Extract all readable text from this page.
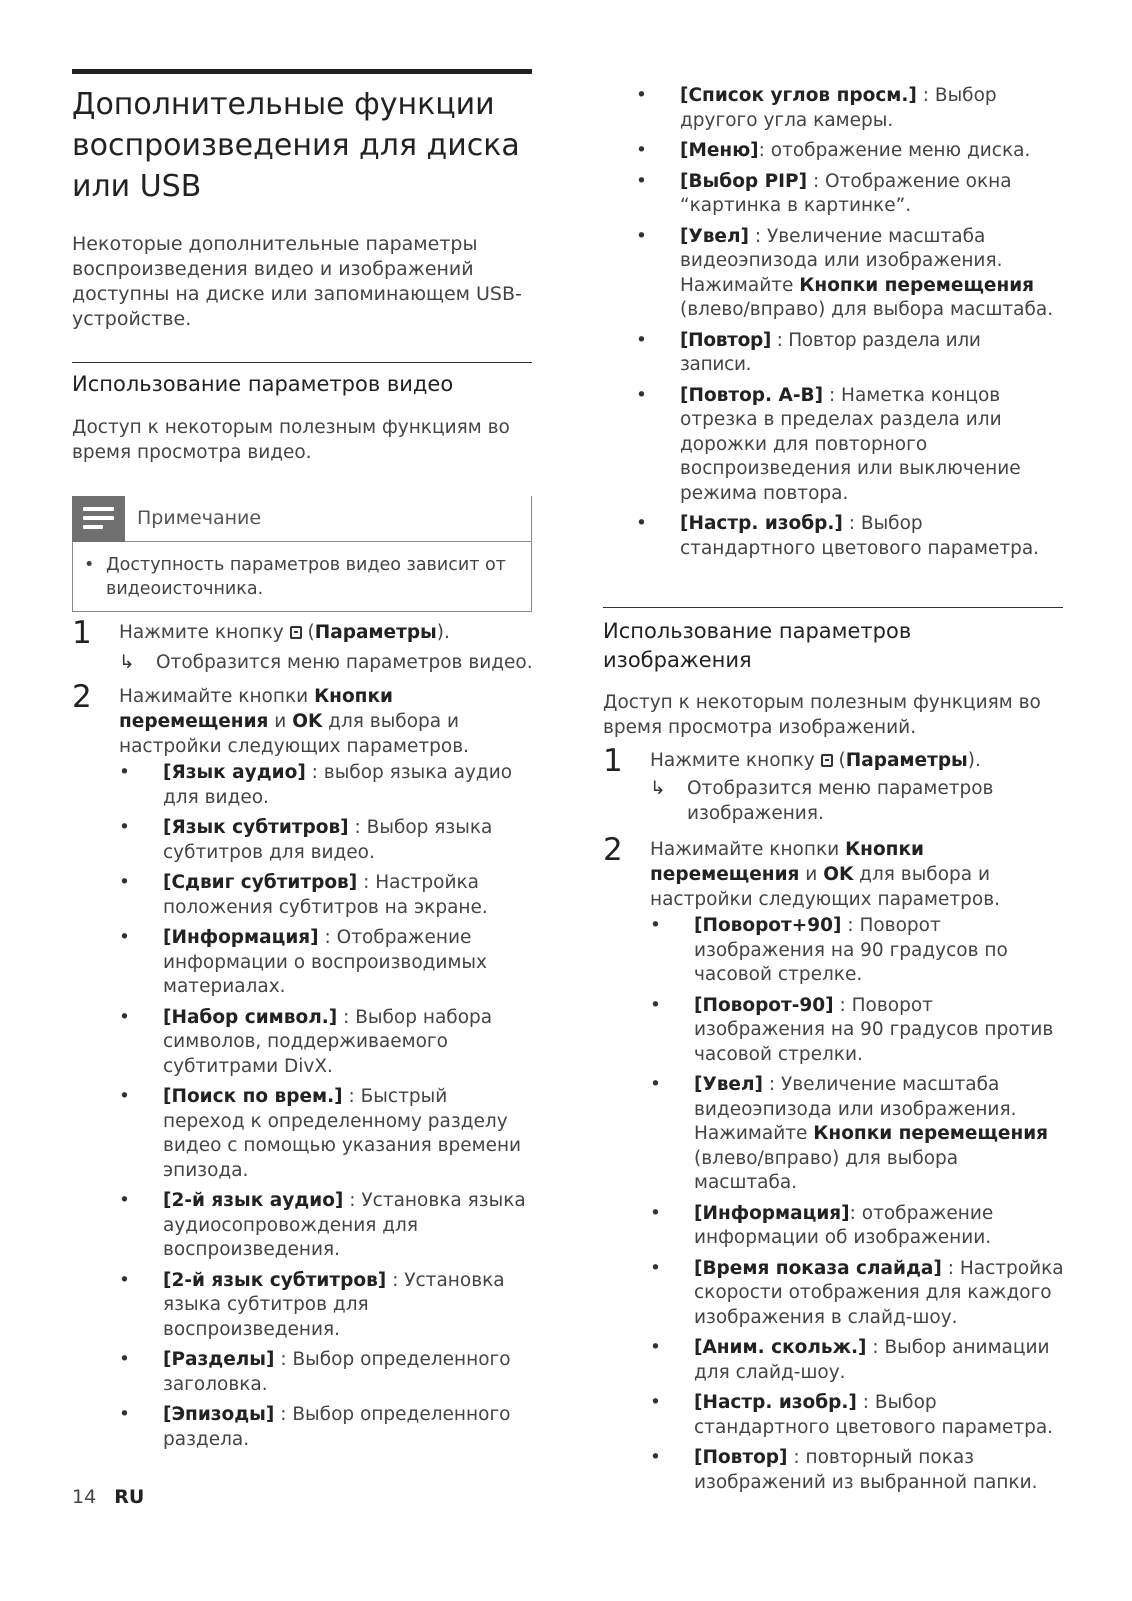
Дополнительные функции воспроизведения для диска или USB

Некоторые дополнительные параметры воспроизведения видео и изображений доступны на диске или запоминающем USB-устройстве.

Использование параметров видео

Доступ к некоторым полезным функциям во время просмотра видео.

Примечание
• Доступность параметров видео зависит от видеоисточника.
1 Нажмите кнопку
(Параметры).
↳ Отобразится меню параметров видео.
2 Нажимайте кнопки Кнопки перемещения и OK для выбора и настройки следующих параметров.
• [Язык аудио] : выбор языка аудио для видео.
• [Язык субтитров] : Выбор языка субтитров для видео.
• [Сдвиг субтитров] : Настройка положения субтитров на экране.
• [Информация] : Отображение информации о воспроизводимых материалах.
• [Набор символ.] : Выбор набора символов, поддерживаемого субтитрами DivX.
• [Поиск по врем.] : Быстрый переход к определенному разделу видео с помощью указания времени эпизода.
• [2-й язык аудио] : Установка языка аудиосопровождения для воспроизведения.
• [2-й язык субтитров] : Установка языка субтитров для воспроизведения.
• [Разделы] : Выбор определенного заголовка.
• [Эпизоды] : Выбор определенного раздела.
14 RU
• [Список углов просм.] : Выбор другого угла камеры.
• [Меню]: отображение меню диска.
• [Выбор PIP] : Отображение окна “картинка в картинке”.
• [Увел] : Увеличение масштаба видеоэпизода или изображения. Нажимайте Кнопки перемещения (влево/вправо) для выбора масштаба.
• [Повтор] : Повтор раздела или записи.
• [Повтор. A-B] : Наметка концов отрезка в пределах раздела или дорожки для повторного воспроизведения или выключение режима повтора.
• [Настр. изобр.] : Выбор стандартного цветового параметра.
Использование параметров изображения

Доступ к некоторым полезным функциям во время просмотра изображений.

1 Нажмите кнопку
(Параметры).
↳ Отобразится меню параметров изображения.
2 Нажимайте кнопки Кнопки перемещения и OK для выбора и настройки следующих параметров.
• [Поворот+90] : Поворот изображения на 90 градусов по часовой стрелке.
• [Поворот-90] : Поворот изображения на 90 градусов против часовой стрелки.
• [Увел] : Увеличение масштаба видеоэпизода или изображения. Нажимайте Кнопки перемещения (влево/вправо) для выбора масштаба.
• [Информация]: отображение информации об изображении.
• [Время показа слайда] : Настройка скорости отображения для каждого изображения в слайд-шоу.
• [Аним. скольж.] : Выбор анимации для слайд-шоу.
• [Настр. изобр.] : Выбор стандартного цветового параметра.
• [Повтор] : повторный показ изображений из выбранной папки.
